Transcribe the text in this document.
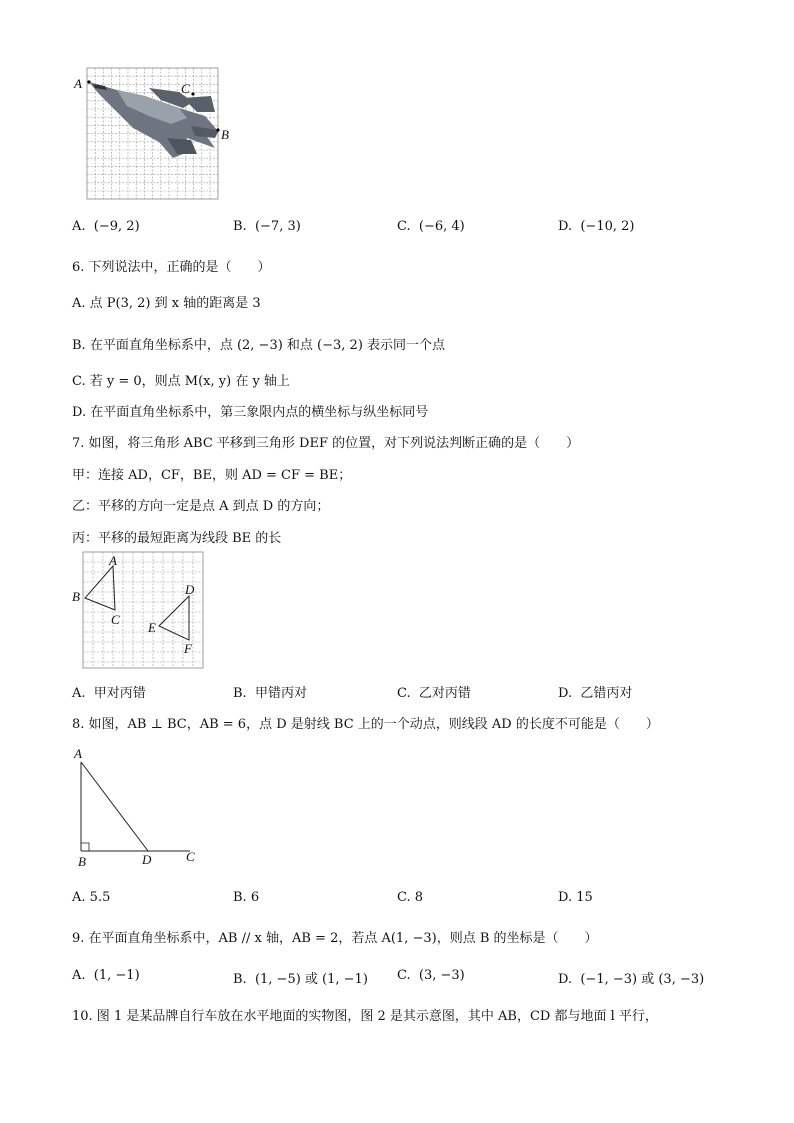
A	C
B
A. (−9, 2)	B. (−7, 3)	C. (−6, 4)	D. (−10, 2)
6. 下列说法中，正确的是（　　）
A. 点 P(3, 2) 到 x 轴的距离是 3
B. 在平面直角坐标系中，点 (2, −3) 和点 (−3, 2) 表示同一个点
C. 若 y = 0，则点 M(x, y) 在 y 轴上
D. 在平面直角坐标系中，第三象限内点的横坐标与纵坐标同号
7. 如图，将三角形 ABC 平移到三角形 DEF 的位置，对下列说法判断正确的是（　　）
甲：连接 AD，CF，BE，则 AD = CF = BE；
乙：平移的方向一定是点 A 到点 D 的方向；
丙：平移的最短距离为线段 BE 的长
A
B
C
D
E
F
A. 甲对丙错	B. 甲错丙对	C. 乙对丙错	D. 乙错丙对
8. 如图，AB ⊥ BC，AB = 6，点 D 是射线 BC 上的一个动点，则线段 AD 的长度不可能是（　　）
A
B	D	C
A. 5.5	B. 6	C. 8	D. 15
9. 在平面直角坐标系中，AB // x 轴，AB = 2，若点 A(1, −3)，则点 B 的坐标是（　　）
A. (1, −1)	B. (1, −5) 或 (1, −1) C. (3, −3)	D. (−1, −3) 或 (3, −3)
10. 图 1 是某品牌自行车放在水平地面的实物图，图 2 是其示意图，其中 AB，CD 都与地面 l 平行，
